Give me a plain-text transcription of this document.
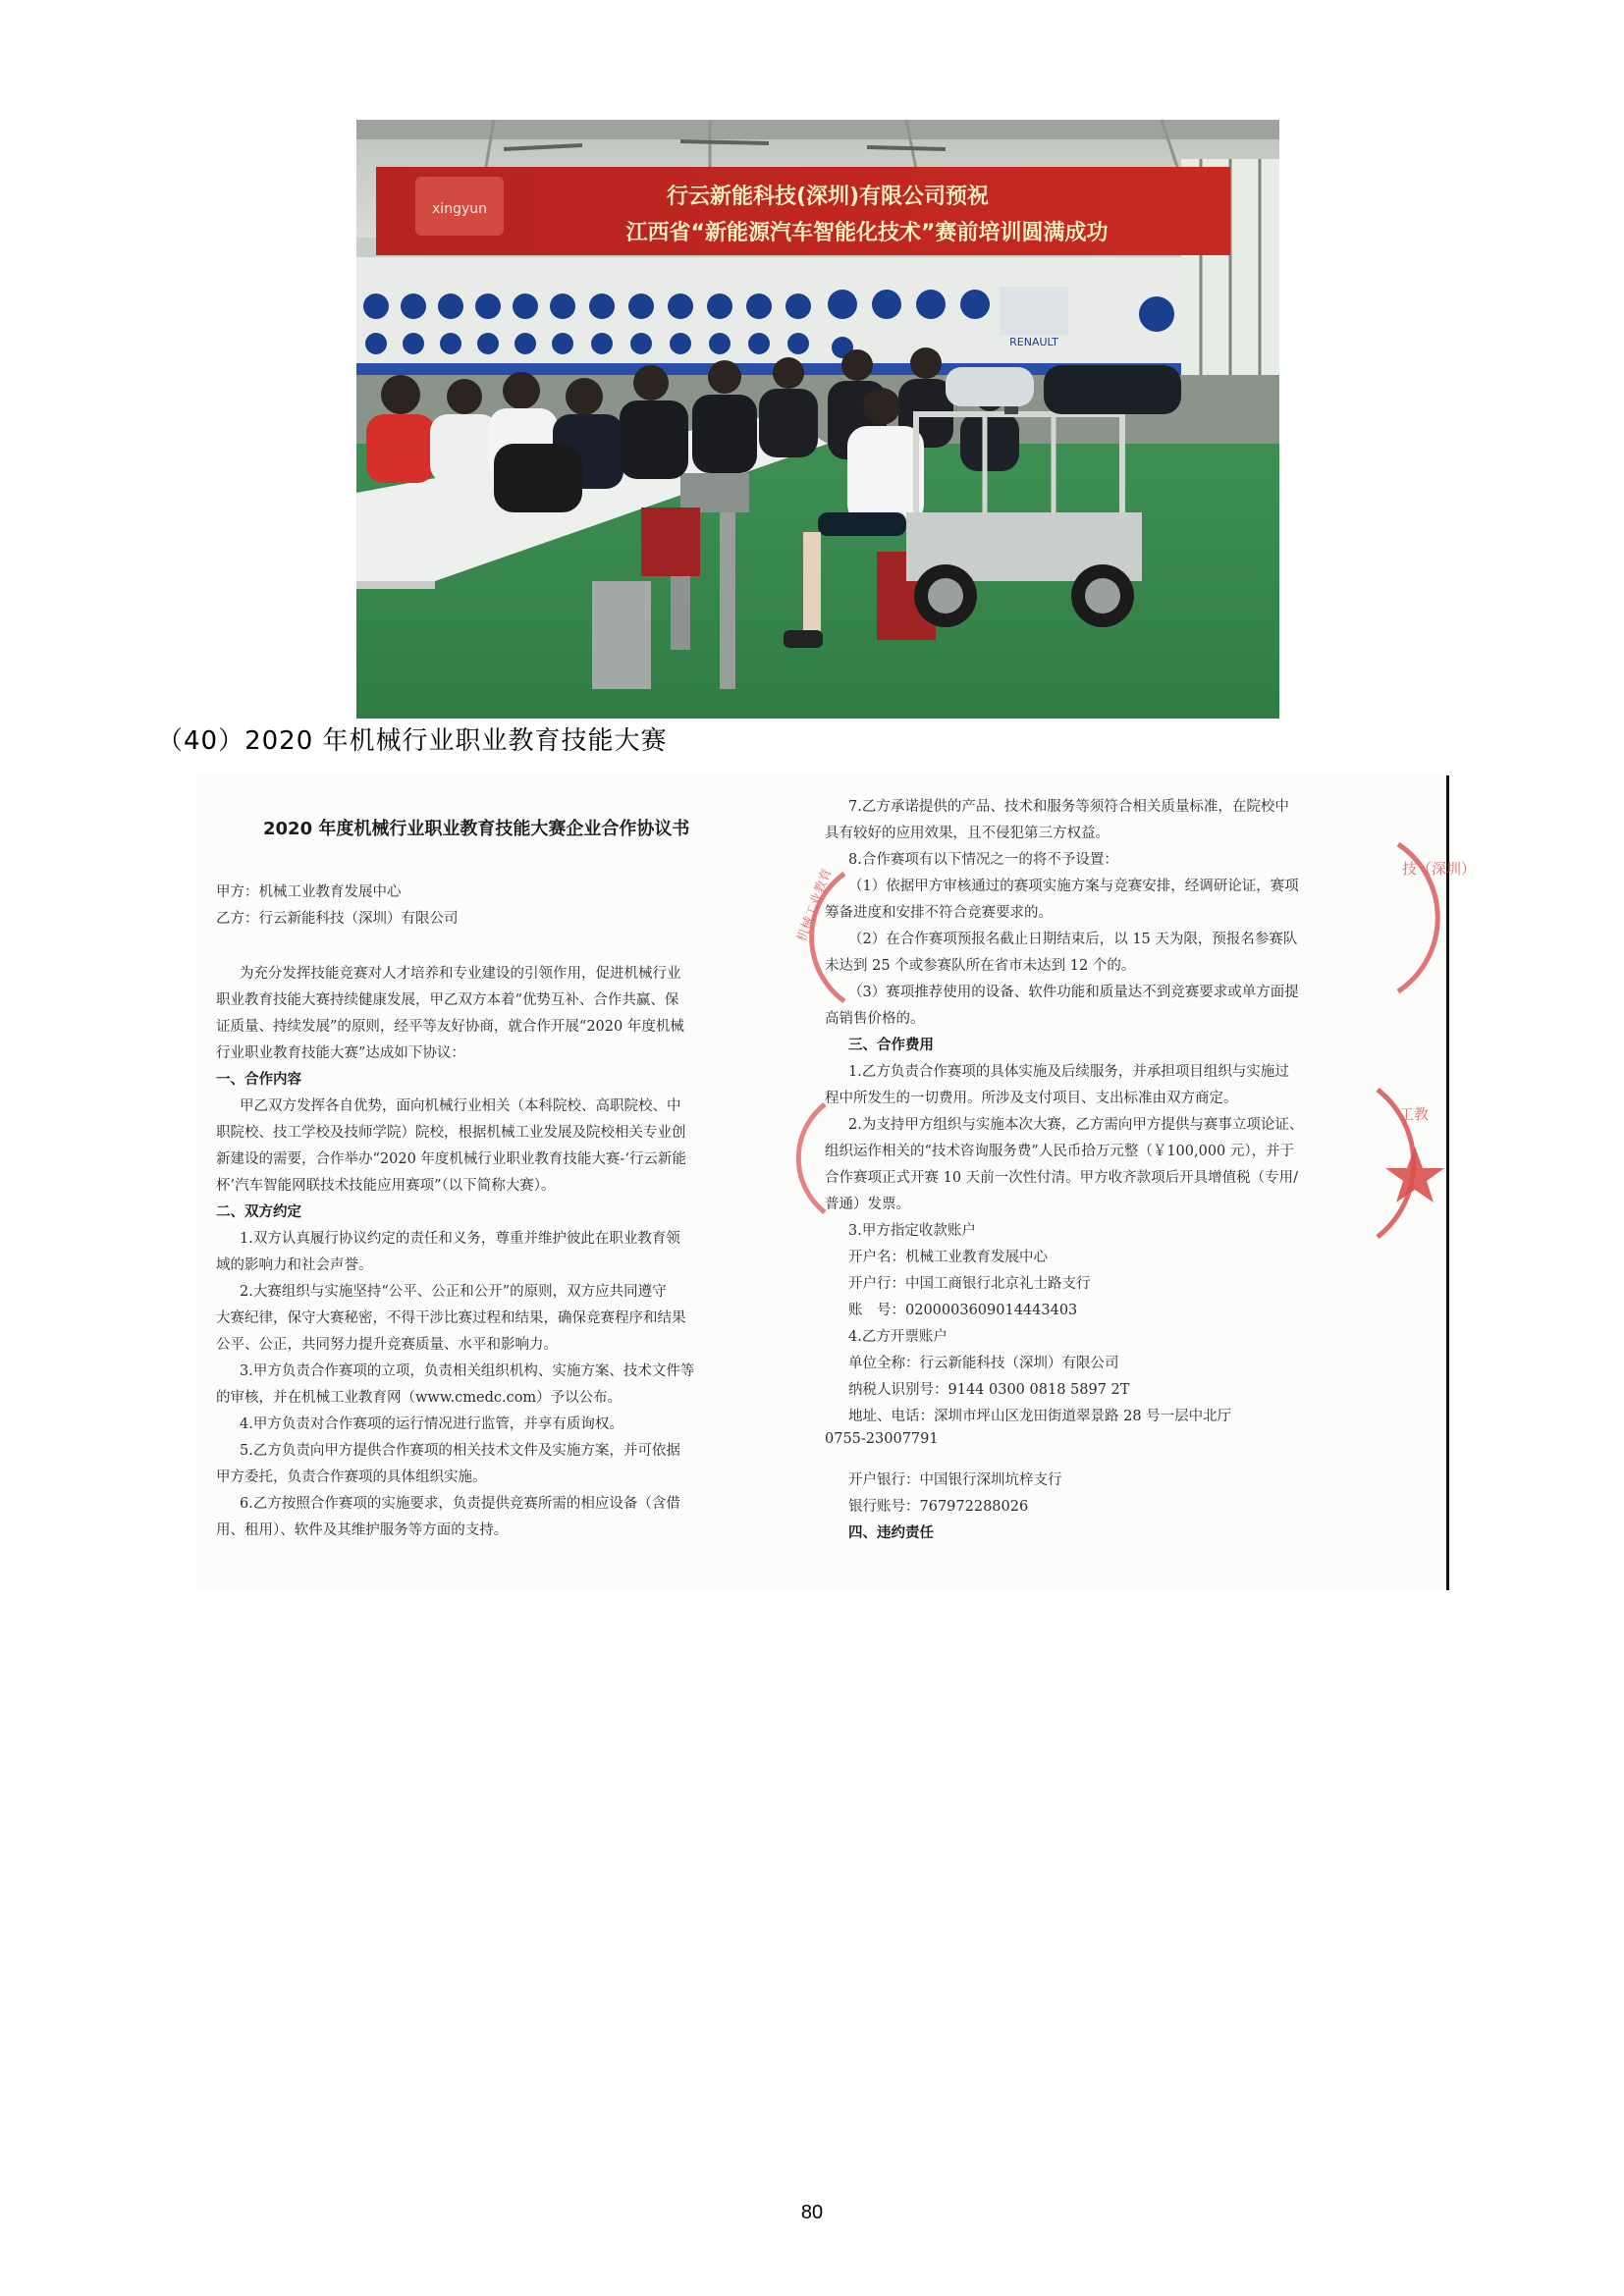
xingyun	行云新能科技(深圳)有限公司预祝
江西省“新能源汽车智能化技术”赛前培训圆满成功
RENAULT
（40）2020 年机械行业职业教育技能大赛
2020 年度机械行业职业教育技能大赛企业合作协议书
甲方：机械工业教育发展中心
乙方：行云新能科技（深圳）有限公司
为充分发挥技能竞赛对人才培养和专业建设的引领作用，促进机械行业
职业教育技能大赛持续健康发展，甲乙双方本着“优势互补、合作共赢、保
证质量、持续发展”的原则，经平等友好协商，就合作开展“2020 年度机械
行业职业教育技能大赛”达成如下协议：
一、合作内容
甲乙双方发挥各自优势，面向机械行业相关（本科院校、高职院校、中
职院校、技工学校及技师学院）院校，根据机械工业发展及院校相关专业创
新建设的需要，合作举办“2020 年度机械行业职业教育技能大赛-‘行云新能
杯’汽车智能网联技术技能应用赛项”（以下简称大赛）。
二、双方约定
1.双方认真履行协议约定的责任和义务，尊重并维护彼此在职业教育领
域的影响力和社会声誉。
2.大赛组织与实施坚持“公平、公正和公开”的原则，双方应共同遵守
大赛纪律，保守大赛秘密，不得干涉比赛过程和结果，确保竞赛程序和结果
公平、公正，共同努力提升竞赛质量、水平和影响力。
3.甲方负责合作赛项的立项，负责相关组织机构、实施方案、技术文件等
的审核，并在机械工业教育网（www.cmedc.com）予以公布。
4.甲方负责对合作赛项的运行情况进行监管，并享有质询权。
5.乙方负责向甲方提供合作赛项的相关技术文件及实施方案，并可依据
甲方委托，负责合作赛项的具体组织实施。
6.乙方按照合作赛项的实施要求，负责提供竞赛所需的相应设备（含借
用、租用）、软件及其维护服务等方面的支持。
7.乙方承诺提供的产品、技术和服务等须符合相关质量标准，在院校中
具有较好的应用效果，且不侵犯第三方权益。
8.合作赛项有以下情况之一的将不予设置：
（1）依据甲方审核通过的赛项实施方案与竞赛安排，经调研论证，赛项
筹备进度和安排不符合竞赛要求的。
（2）在合作赛项预报名截止日期结束后，以 15 天为限，预报名参赛队
未达到 25 个或参赛队所在省市未达到 12 个的。
（3）赛项推荐使用的设备、软件功能和质量达不到竞赛要求或单方面提
高销售价格的。
三、合作费用
1.乙方负责合作赛项的具体实施及后续服务，并承担项目组织与实施过
程中所发生的一切费用。所涉及支付项目、支出标准由双方商定。
2.为支持甲方组织与实施本次大赛，乙方需向甲方提供与赛事立项论证、
组织运作相关的“技术咨询服务费”人民币拾万元整（￥100,000 元），并于
合作赛项正式开赛 10 天前一次性付清。甲方收齐款项后开具增值税（专用/
普通）发票。
3.甲方指定收款账户
开户名：机械工业教育发展中心
开户行：中国工商银行北京礼士路支行
账　号：0200003609014443403
4.乙方开票账户
单位全称：行云新能科技（深圳）有限公司
纳税人识别号：9144 0300 0818 5897 2T
地址、电话：深圳市坪山区龙田街道翠景路 28 号一层中北厅
0755-23007791
开户银行：中国银行深圳坑梓支行
银行账号：767972288026
四、违约责任
机械工业教育	技（深圳）
工教
80
